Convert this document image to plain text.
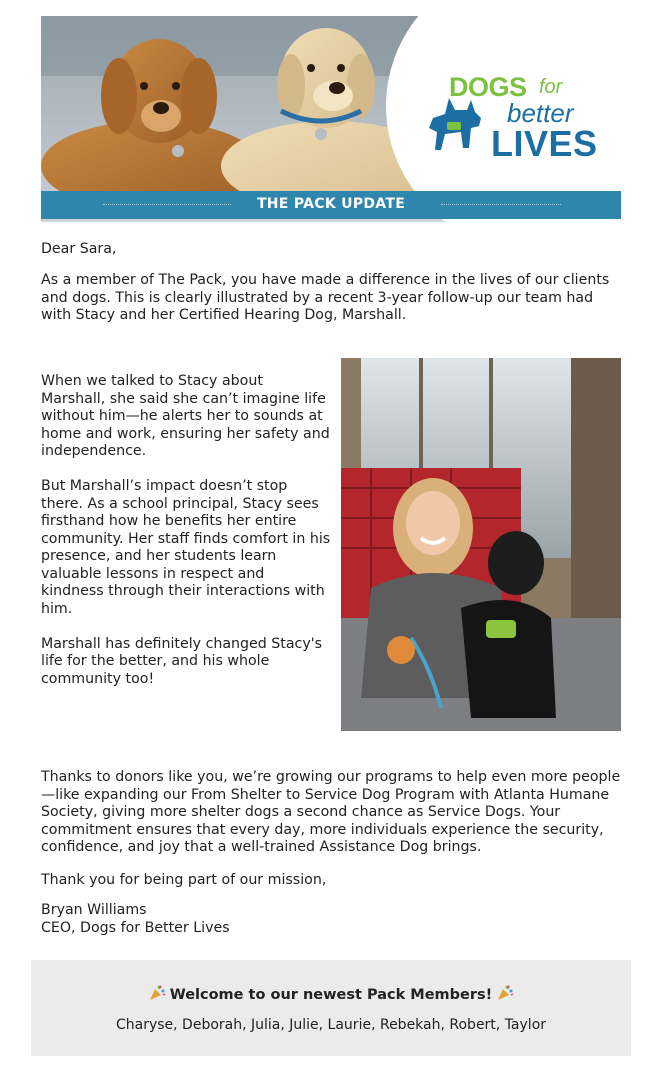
DOGS for
better
LIVES
THE PACK UPDATE

Dear Sara,

As a member of The Pack, you have made a difference in the lives of our clients and dogs. This is clearly illustrated by a recent 3-year follow-up our team had with Stacy and her Certified Hearing Dog, Marshall.

When we talked to Stacy about Marshall, she said she can’t imagine life without him—he alerts her to sounds at home and work, ensuring her safety and independence.

But Marshall’s impact doesn’t stop there. As a school principal, Stacy sees firsthand how he benefits her entire community. Her staff finds comfort in his presence, and her students learn valuable lessons in respect and kindness through their interactions with him.

Marshall has definitely changed Stacy's life for the better, and his whole community too!

Thanks to donors like you, we’re growing our programs to help even more people—like expanding our From Shelter to Service Dog Program with Atlanta Humane Society, giving more shelter dogs a second chance as Service Dogs. Your commitment ensures that every day, more individuals experience the security, confidence, and joy that a well-trained Assistance Dog brings.

Thank you for being part of our mission,

Bryan Williams

CEO, Dogs for Better Lives

Welcome to our newest Pack Members!
Charyse, Deborah, Julia, Julie, Laurie, Rebekah, Robert, Taylor
